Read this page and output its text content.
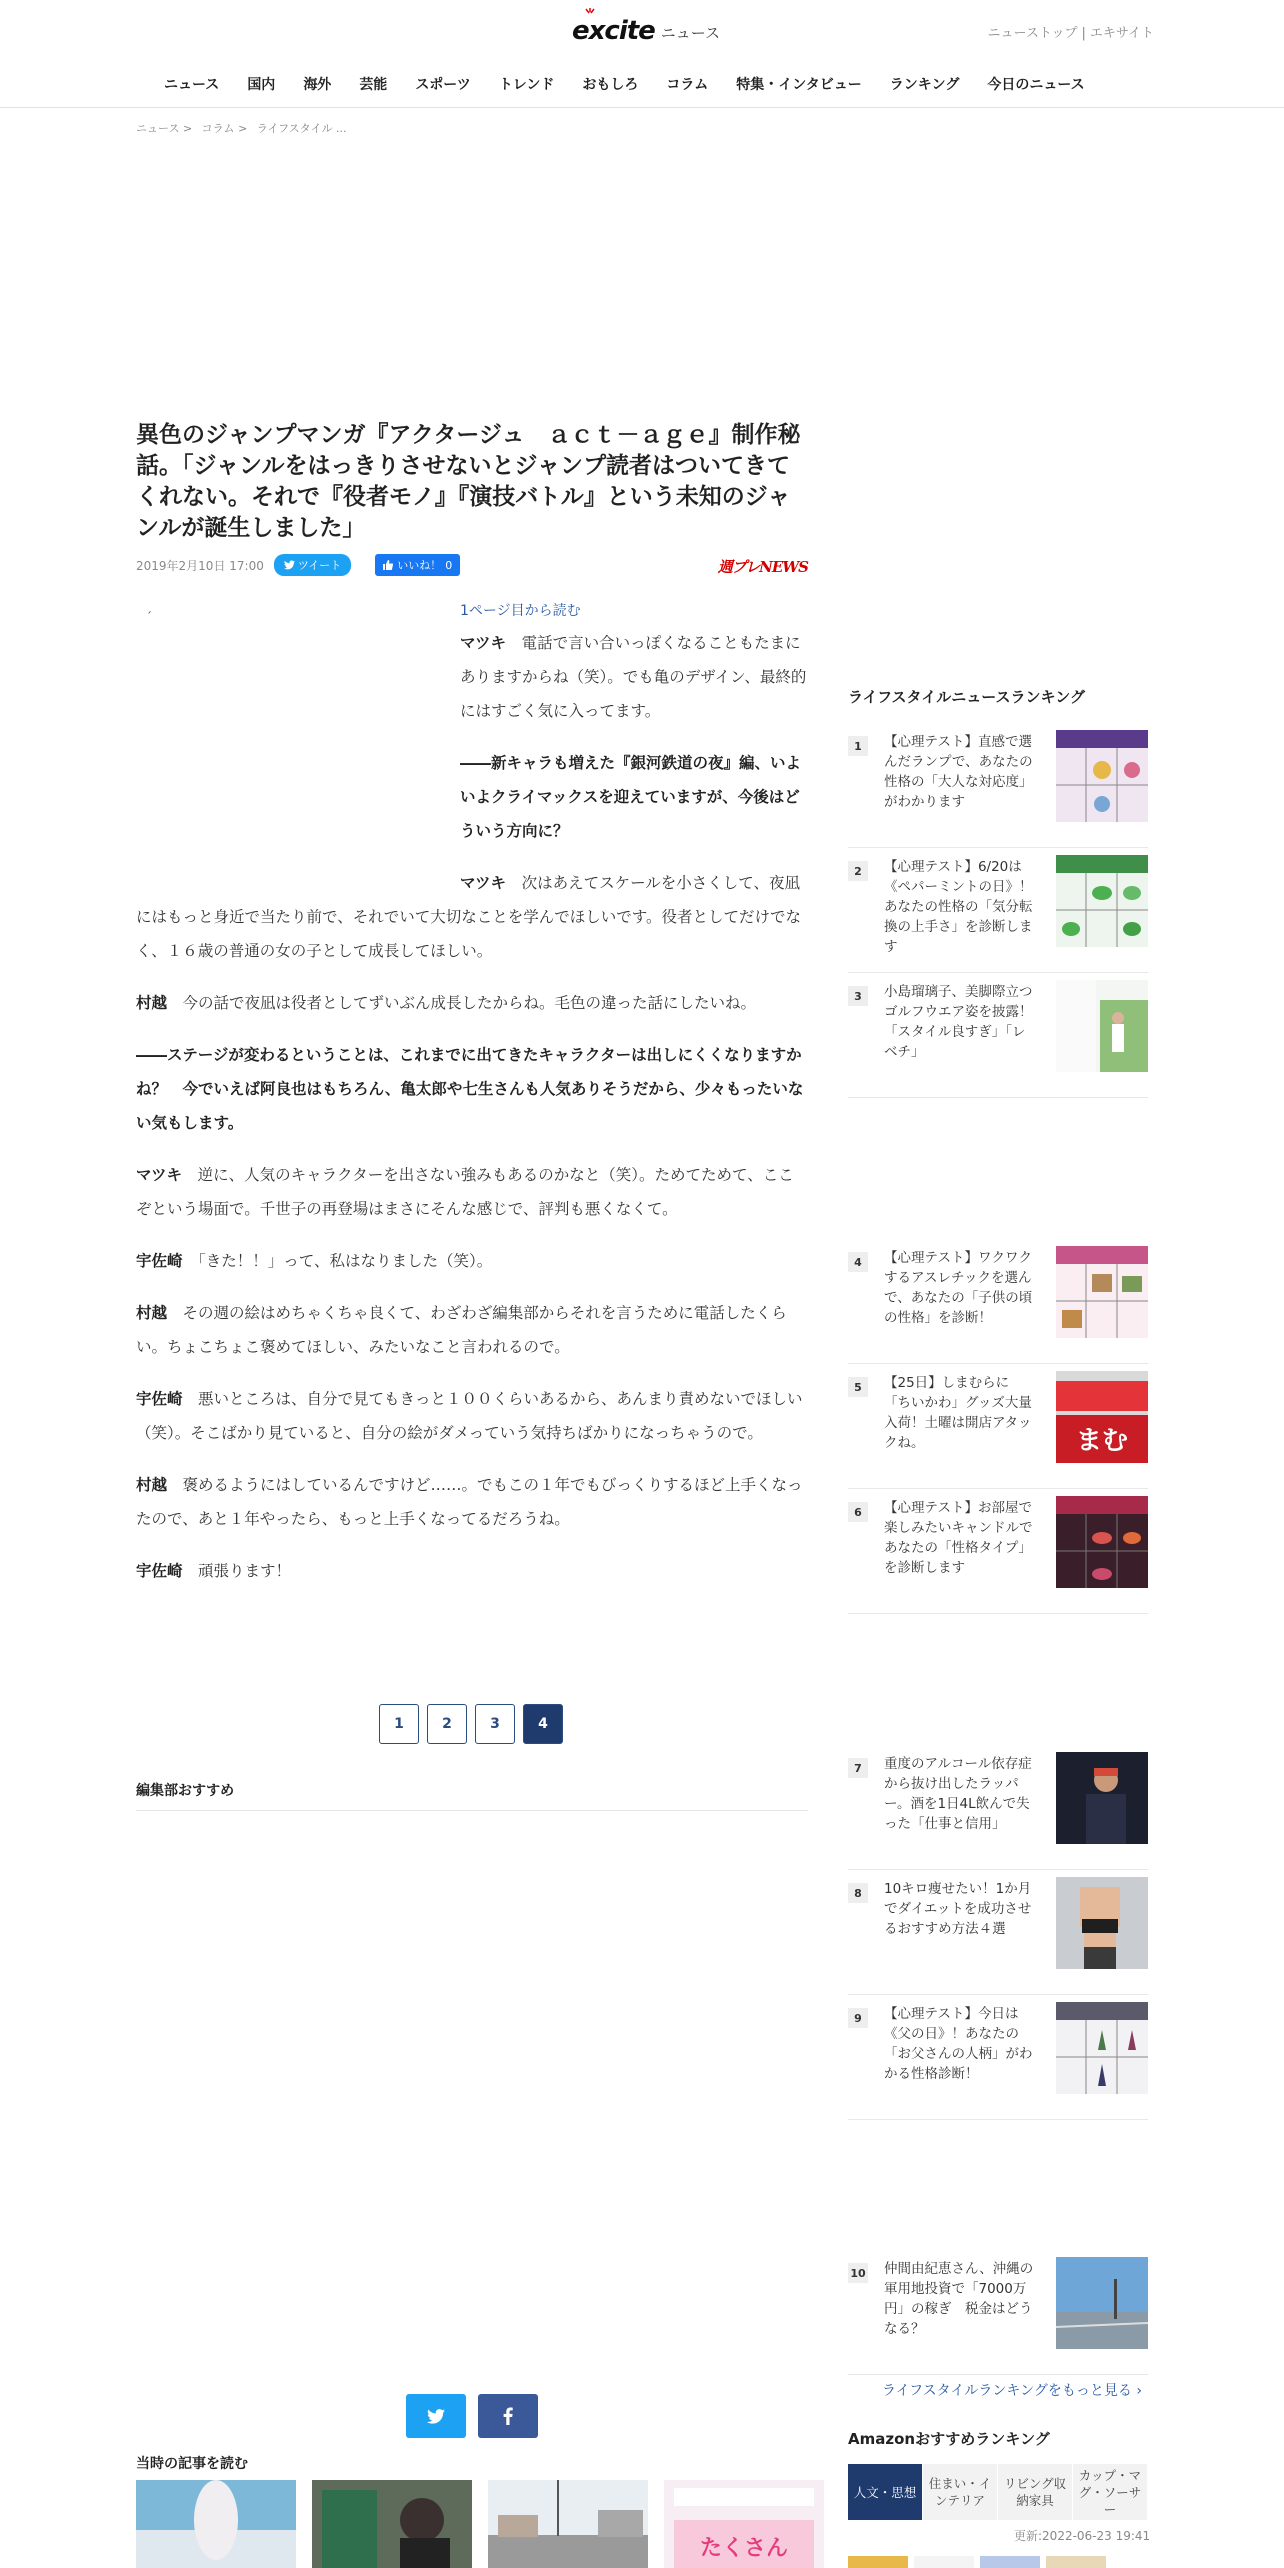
excite ニュース	ニューストップ | エキサイト
ニュース	国内	海外	芸能	スポーツ	トレンド	おもしろ	コラム	特集・インタビュー	ランキング	今日のニュース
ニュース > コラム > ライフスタイル ...
異色のジャンプマンガ『アクタージュ　ａｃｔ－ａｇｅ』制作秘話。「ジャンルをはっきりさせないとジャンプ読者はついてきてくれない。それで『役者モノ』『演技バトル』という未知のジャンルが誕生しました」
2019年2月10日 17:00	ツイート	いいね！ 0	週プレNEWS
´	1ページ目から読む

マツキ　 電話で言い合いっぽくなることもたまにありますからね（笑）。でも亀のデザイン、最終的にはすごく気に入ってます。

――新キャラも増えた『銀河鉄道の夜』編、いよいよクライマックスを迎えていますが、今後はどういう方向に？

マツキ　 次はあえてスケールを小さくして、夜凪にはもっと身近で当たり前で、それでいて大切なことを学んでほしいです。役者としてだけでなく、１６歳の普通の女の子として成長してほしい。

村越　 今の話で夜凪は役者としてずいぶん成長したからね。毛色の違った話にしたいね。

――ステージが変わるということは、これまでに出てきたキャラクターは出しにくくなりますかね？　今でいえば阿良也はもちろん、亀太郎や七生さんも人気ありそうだから、少々もったいない気もします。

マツキ　 逆に、人気のキャラクターを出さない強みもあるのかなと（笑）。ためてためて、ここぞという場面で。千世子の再登場はまさにそんな感じで、評判も悪くなくて。

宇佐崎　 「きた！！」って、私はなりました（笑）。

村越　 その週の絵はめちゃくちゃ良くて、わざわざ編集部からそれを言うために電話したくらい。ちょこちょこ褒めてほしい、みたいなこと言われるので。

宇佐崎　 悪いところは、自分で見てもきっと１００くらいあるから、あんまり責めないでほしい（笑）。そこばかり見ていると、自分の絵がダメっていう気持ちばかりになっちゃうので。

村越　 褒めるようにはしているんですけど……。でもこの１年でもびっくりするほど上手くなったので、あと１年やったら、もっと上手くなってるだろうね。

宇佐崎　 頑張ります！

1	2	3	4
編集部おすすめ
当時の記事を読む
たくさん
ライフスタイルニュースランキング
1	【心理テスト】直感で選んだランプで、あなたの性格の「大人な対応度」がわかります
2	【心理テスト】6/20は《ペパーミントの日》！あなたの性格の「気分転換の上手さ」を診断します
3	小島瑠璃子、美脚際立つゴルフウエア姿を披露！「スタイル良すぎ」「レベチ」
4	【心理テスト】ワクワクするアスレチックを選んで、あなたの「子供の頃の性格」を診断！
5	【25日】しまむらに「ちいかわ」グッズ大量入荷！土曜は開店アタックね。	まむ
6	【心理テスト】お部屋で楽しみたいキャンドルであなたの「性格タイプ」を診断します
7	重度のアルコール依存症から抜け出したラッパー。酒を1日4L飲んで失った「仕事と信用」
8	10キロ痩せたい！1か月でダイエットを成功させるおすすめ方法４選
9	【心理テスト】今日は《父の日》！あなたの「お父さんの人柄」がわかる性格診断！
10 仲間由紀恵さん、沖縄の軍用地投資で「7000万円」の稼ぎ　税金はどうなる？
ライフスタイルランキングをもっと見る ›
Amazonおすすめランキング
人文・思想
住まい・インテリア
リビング収納家具
カップ・マグ・ソーサー
更新:2022-06-23 19:41
